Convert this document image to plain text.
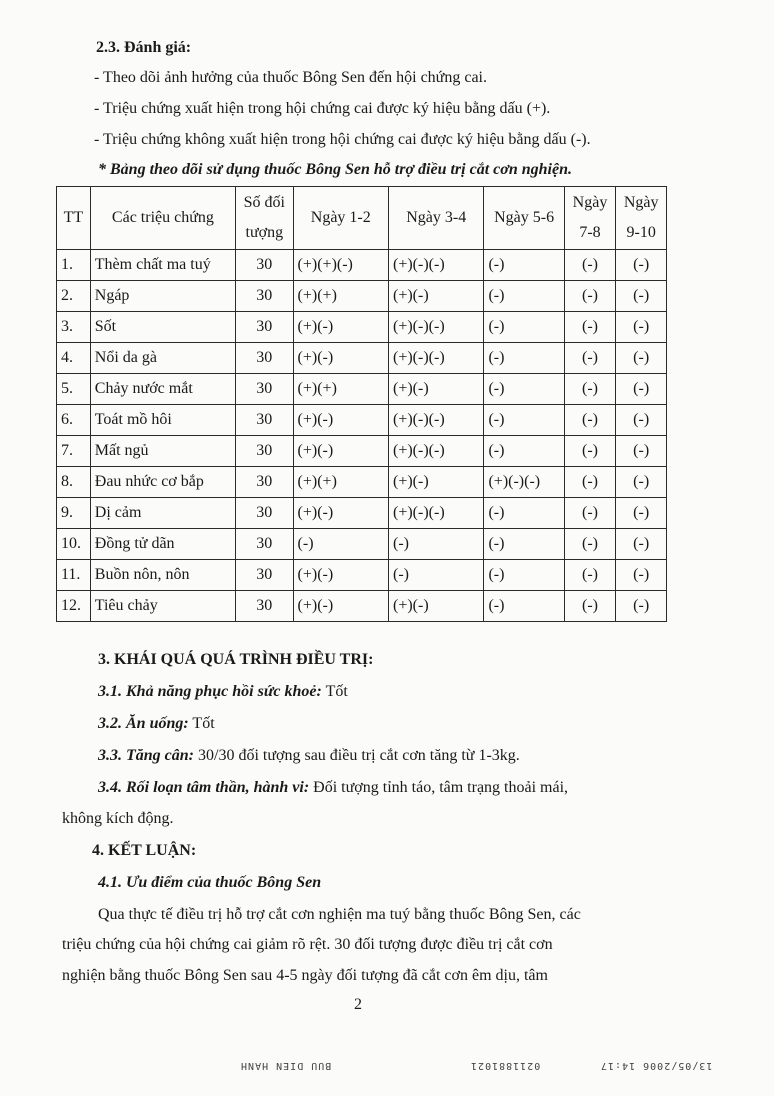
2.3. Đánh giá:
- Theo dõi ảnh hưởng của thuốc Bông Sen đến hội chứng cai.
- Triệu chứng xuất hiện trong hội chứng cai được ký hiệu bằng dấu (+).
- Triệu chứng không xuất hiện trong hội chứng cai được ký hiệu bằng dấu (-).
* Bảng theo dõi sử dụng thuốc Bông Sen hỗ trợ điều trị cắt cơn nghiện.
TT	Các triệu chứng	Số đối tượng	Ngày 1-2	Ngày 3-4	Ngày 5-6	Ngày 7-8	Ngày 9-10
1.	Thèm chất ma tuý	30	(+)(+)(-)	(+)(-)(-)	(-)	(-)	(-)
2.	Ngáp	30	(+)(+)	(+)(-)	(-)	(-)	(-)
3.	Sốt	30	(+)(-)	(+)(-)(-)	(-)	(-)	(-)
4.	Nổi da gà	30	(+)(-)	(+)(-)(-)	(-)	(-)	(-)
5.	Chảy nước mắt	30	(+)(+)	(+)(-)	(-)	(-)	(-)
6.	Toát mồ hôi	30	(+)(-)	(+)(-)(-)	(-)	(-)	(-)
7.	Mất ngủ	30	(+)(-)	(+)(-)(-)	(-)	(-)	(-)
8.	Đau nhức cơ bắp	30	(+)(+)	(+)(-)	(+)(-)(-)	(-)	(-)
9.	Dị cảm	30	(+)(-)	(+)(-)(-)	(-)	(-)	(-)
10.	Đồng tử dãn	30	(-)	(-)	(-)	(-)	(-)
11.	Buồn nôn, nôn	30	(+)(-)	(-)	(-)	(-)	(-)
12.	Tiêu chảy	30	(+)(-)	(+)(-)	(-)	(-)	(-)
3. KHÁI QUÁ QUÁ TRÌNH ĐIỀU TRỊ:
3.1. Khả năng phục hồi sức khoẻ: Tốt
3.2. Ăn uống: Tốt
3.3. Tăng cân: 30/30 đối tượng sau điều trị cắt cơn tăng từ 1-3kg.
3.4. Rối loạn tâm thần, hành vi: Đối tượng tỉnh táo, tâm trạng thoải mái,
không kích động.
4. KẾT LUẬN:
4.1. Ưu điểm của thuốc Bông Sen
Qua thực tế điều trị hỗ trợ cắt cơn nghiện ma tuý bằng thuốc Bông Sen, các
triệu chứng của hội chứng cai giảm rõ rệt. 30 đối tượng được điều trị cắt cơn
nghiện bằng thuốc Bông Sen sau 4-5 ngày đối tượng đã cắt cơn êm dịu, tâm
2
BUU DIEN HANH	0211881021	13/05/2006 14:17
